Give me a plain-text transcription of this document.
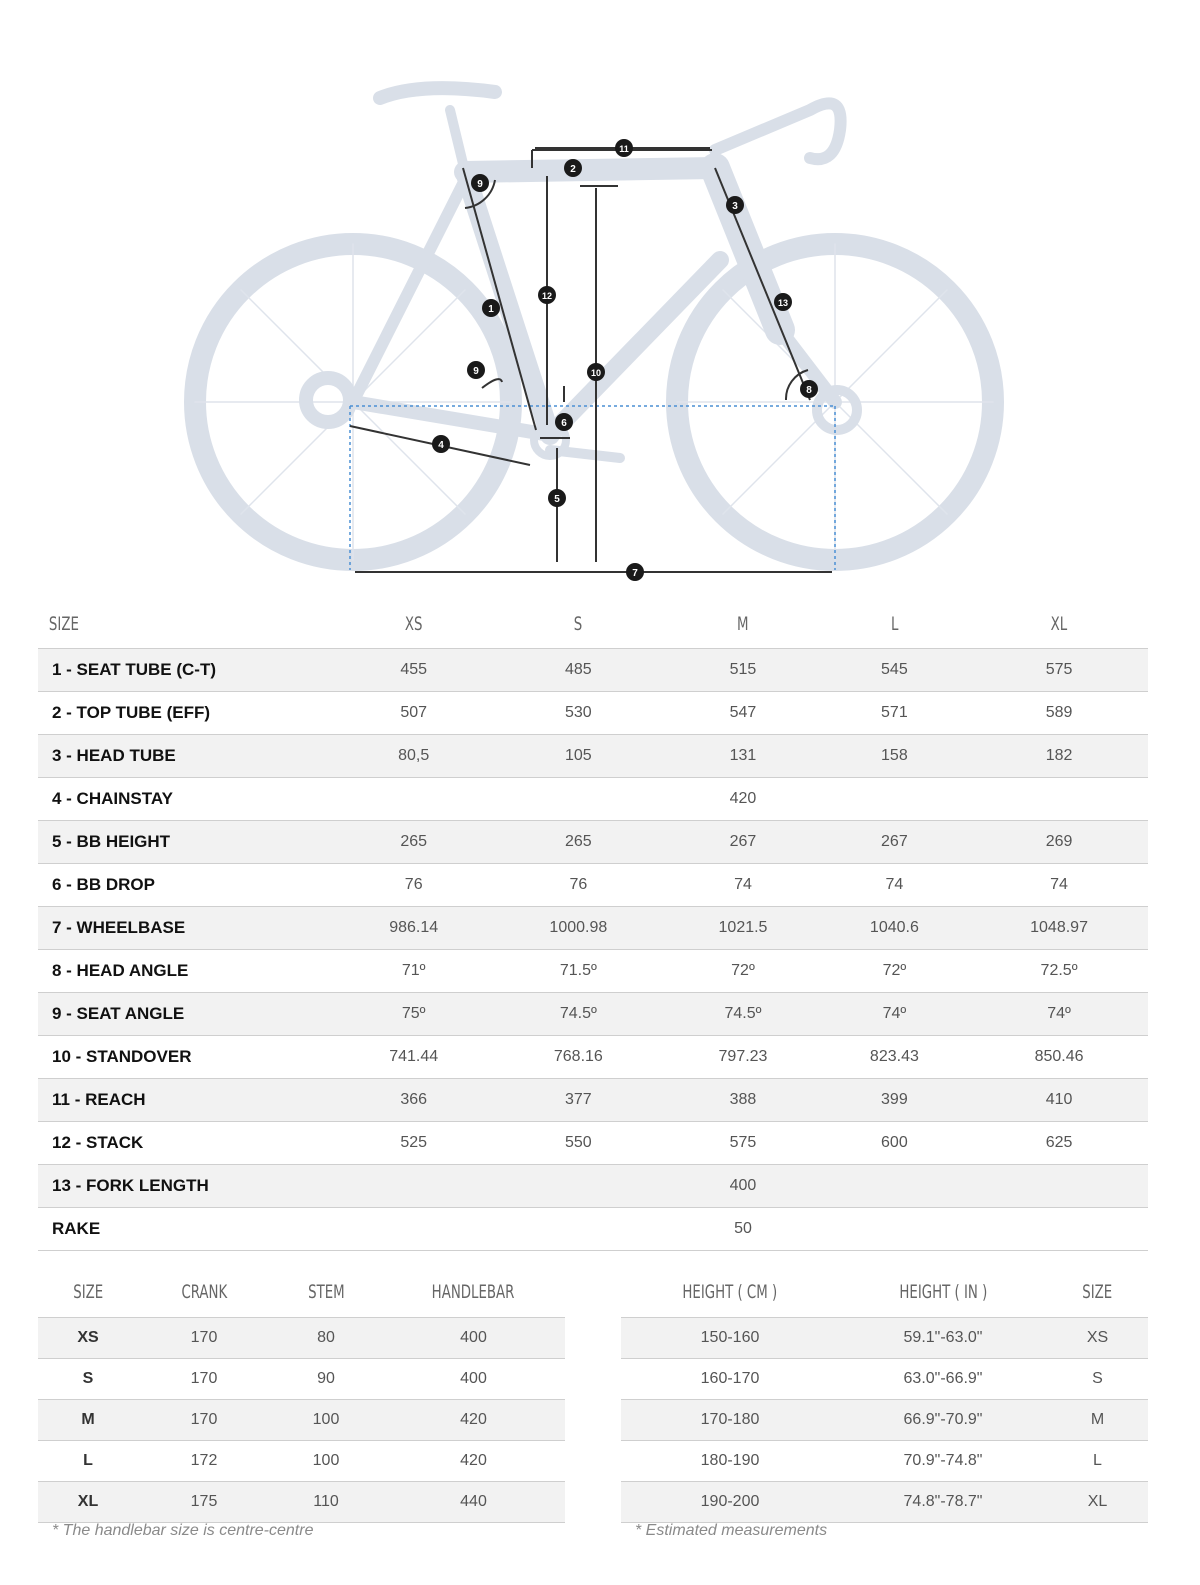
1
2
3
4
5
6
7
8
9
9	10
11
12
13
SIZE	XS	S	M	L	XL
1 - SEAT TUBE (C-T)	455	485	515	545	575
2 - TOP TUBE (EFF)	507	530	547	571	589
3 - HEAD TUBE	80,5	105	131	158	182
4 - CHAINSTAY			420		
5 - BB HEIGHT	265	265	267	267	269
6 - BB DROP	76	76	74	74	74
7 - WHEELBASE	986.14	1000.98	1021.5	1040.6	1048.97
8 - HEAD ANGLE	71º	71.5º	72º	72º	72.5º
9 - SEAT ANGLE	75º	74.5º	74.5º	74º	74º
10 - STANDOVER	741.44	768.16	797.23	823.43	850.46
11 - REACH	366	377	388	399	410
12 - STACK	525	550	575	600	625
13 - FORK LENGTH			400		
RAKE			50		
SIZE	CRANK	STEM	HANDLEBAR
XS	170	80	400
S	170	90	400
M	170	100	420
L	172	100	420
XL	175	110	440
HEIGHT ( CM )	HEIGHT ( IN )	SIZE
150-160	59.1"-63.0"	XS
160-170	63.0"-66.9"	S
170-180	66.9"-70.9"	M
180-190	70.9"-74.8"	L
190-200	74.8"-78.7"	XL
* The handlebar size is centre-centre	* Estimated measurements
